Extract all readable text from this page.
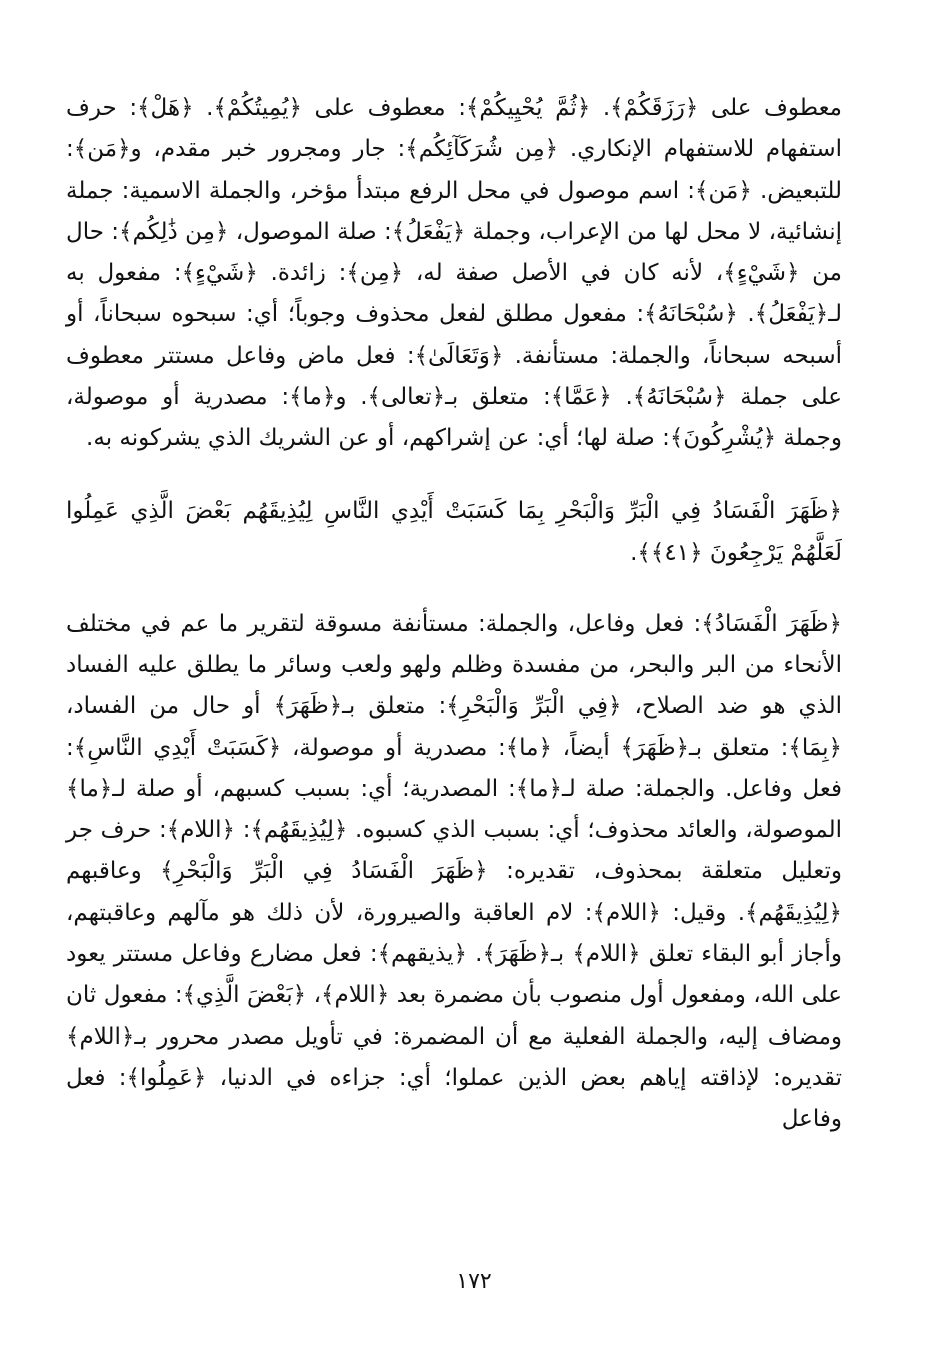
معطوف على ﴿رَزَقَكُمْ﴾. ﴿ثُمَّ يُحْيِيكُمْ﴾: معطوف على ﴿يُمِيتُكُمْ﴾. ﴿هَلْ﴾: حرف استفهام للاستفهام الإنكاري. ﴿مِن شُرَكَآئِكُم﴾: جار ومجرور خبر مقدم، و﴿مَن﴾: للتبعيض. ﴿مَن﴾: اسم موصول في محل الرفع مبتدأ مؤخر، والجملة الاسمية: جملة إنشائية، لا محل لها من الإعراب، وجملة ﴿يَفْعَلُ﴾: صلة الموصول، ﴿مِن ذَٰلِكُم﴾: حال من ﴿شَيْءٍ﴾، لأنه كان في الأصل صفة له، ﴿مِن﴾: زائدة. ﴿شَيْءٍ﴾: مفعول به لـ﴿يَفْعَلُ﴾. ﴿سُبْحَانَهُ﴾: مفعول مطلق لفعل محذوف وجوباً؛ أي: سبحوه سبحاناً، أو أسبحه سبحاناً، والجملة: مستأنفة. ﴿وَتَعَالَىٰ﴾: فعل ماض وفاعل مستتر معطوف على جملة ﴿سُبْحَانَهُ﴾. ﴿عَمَّا﴾: متعلق بـ﴿تعالى﴾. و﴿ما﴾: مصدرية أو موصولة، وجملة ﴿يُشْرِكُونَ﴾: صلة لها؛ أي: عن إشراكهم، أو عن الشريك الذي يشركونه به.

﴿ظَهَرَ الْفَسَادُ فِي الْبَرِّ وَالْبَحْرِ بِمَا كَسَبَتْ أَيْدِي النَّاسِ لِيُذِيقَهُم بَعْضَ الَّذِي عَمِلُوا لَعَلَّهُمْ يَرْجِعُونَ ﴿٤١﴾﴾.

﴿ظَهَرَ الْفَسَادُ﴾: فعل وفاعل، والجملة: مستأنفة مسوقة لتقرير ما عم في مختلف الأنحاء من البر والبحر، من مفسدة وظلم ولهو ولعب وسائر ما يطلق عليه الفساد الذي هو ضد الصلاح، ﴿فِي الْبَرِّ وَالْبَحْرِ﴾: متعلق بـ﴿ظَهَرَ﴾ أو حال من الفساد، ﴿بِمَا﴾: متعلق بـ﴿ظَهَرَ﴾ أيضاً، ﴿ما﴾: مصدرية أو موصولة، ﴿كَسَبَتْ أَيْدِي النَّاسِ﴾: فعل وفاعل. والجملة: صلة لـ﴿ما﴾: المصدرية؛ أي: بسبب كسبهم، أو صلة لـ﴿ما﴾ الموصولة، والعائد محذوف؛ أي: بسبب الذي كسبوه. ﴿لِيُذِيقَهُم﴾: ﴿اللام﴾: حرف جر وتعليل متعلقة بمحذوف، تقديره: ﴿ظَهَرَ الْفَسَادُ فِي الْبَرِّ وَالْبَحْرِ﴾ وعاقبهم ﴿لِيُذِيقَهُم﴾. وقيل: ﴿اللام﴾: لام العاقبة والصيرورة، لأن ذلك هو مآلهم وعاقبتهم، وأجاز أبو البقاء تعلق ﴿اللام﴾ بـ﴿ظَهَرَ﴾. ﴿يذيقهم﴾: فعل مضارع وفاعل مستتر يعود على الله، ومفعول أول منصوب بأن مضمرة بعد ﴿اللام﴾، ﴿بَعْضَ الَّذِي﴾: مفعول ثان ومضاف إليه، والجملة الفعلية مع أن المضمرة: في تأويل مصدر محرور بـ﴿اللام﴾ تقديره: لإذاقته إياهم بعض الذين عملوا؛ أي: جزاءه في الدنيا، ﴿عَمِلُوا﴾: فعل وفاعل

١٧٢
